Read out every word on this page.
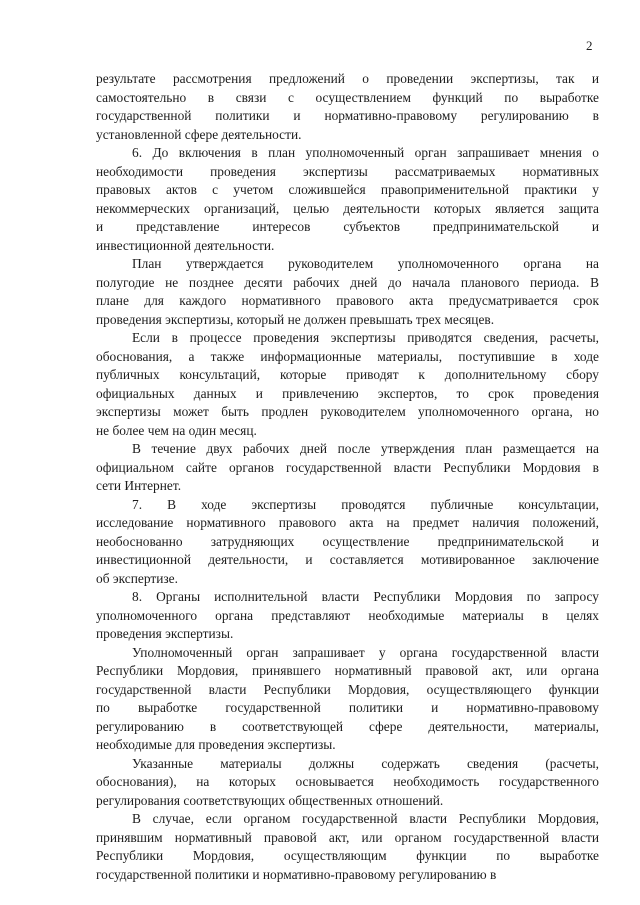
2
результате рассмотрения предложений о проведении экспертизы, так и
самостоятельно в связи с осуществлением функций по выработке
государственной политики и нормативно-правовому регулированию в
установленной сфере деятельности.
6. До включения в план уполномоченный орган запрашивает мнения о
необходимости проведения экспертизы рассматриваемых нормативных
правовых актов с учетом сложившейся правоприменительной практики у
некоммерческих организаций, целью деятельности которых является защита
и представление интересов субъектов предпринимательской и
инвестиционной деятельности.
План утверждается руководителем уполномоченного органа на
полугодие не позднее десяти рабочих дней до начала планового периода. В
плане для каждого нормативного правового акта предусматривается срок
проведения экспертизы, который не должен превышать трех месяцев.
Если в процессе проведения экспертизы приводятся сведения, расчеты,
обоснования, а также информационные материалы, поступившие в ходе
публичных консультаций, которые приводят к дополнительному сбору
официальных данных и привлечению экспертов, то срок проведения
экспертизы может быть продлен руководителем уполномоченного органа, но
не более чем на один месяц.
В течение двух рабочих дней после утверждения план размещается на
официальном сайте органов государственной власти Республики Мордовия в
сети Интернет.
7. В ходе экспертизы проводятся публичные консультации,
исследование нормативного правового акта на предмет наличия положений,
необоснованно затрудняющих осуществление предпринимательской и
инвестиционной деятельности, и составляется мотивированное заключение
об экспертизе.
8. Органы исполнительной власти Республики Мордовия по запросу
уполномоченного органа представляют необходимые материалы в целях
проведения экспертизы.
Уполномоченный орган запрашивает у органа государственной власти
Республики Мордовия, принявшего нормативный правовой акт, или органа
государственной власти Республики Мордовия, осуществляющего функции
по выработке государственной политики и нормативно-правовому
регулированию в соответствующей сфере деятельности, материалы,
необходимые для проведения экспертизы.
Указанные материалы должны содержать сведения (расчеты,
обоснования), на которых основывается необходимость государственного
регулирования соответствующих общественных отношений.
В случае, если органом государственной власти Республики Мордовия,
принявшим нормативный правовой акт, или органом государственной власти
Республики Мордовия, осуществляющим функции по выработке
государственной политики и нормативно-правовому регулированию в
